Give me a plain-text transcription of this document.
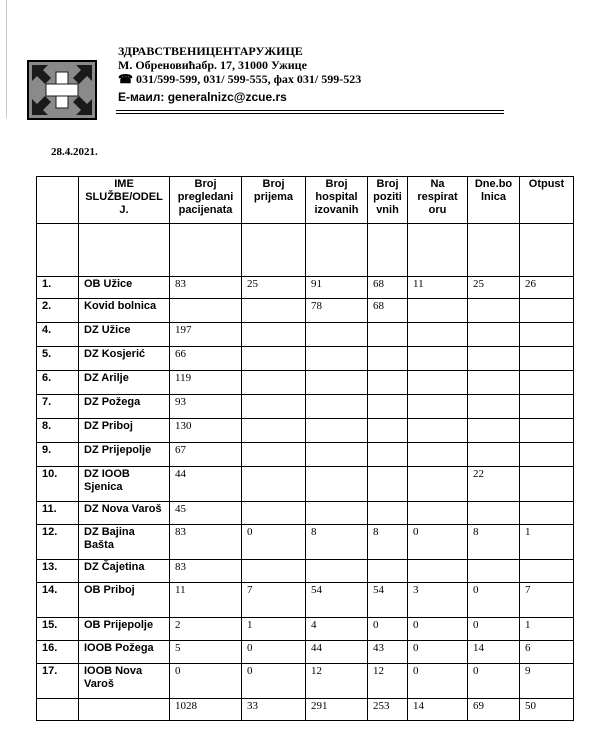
ЗДРАВСТВЕНИЦЕНТАРУЖИЦЕ
М. Обреновићабр. 17, 31000 Ужице
☎ 031/599-599, 031/ 599-555, фах 031/ 599-523
Е-маил: generalnizc@zcue.rs
28.4.2021.
	IME SLUŽBE/ODEL J.	Broj pregledani pacijenata	Broj prijema	Broj hospital izovanih	Broj poziti vnih	Na respirat oru	Dne.bo lnica	Otpust

1.	OB Užice	83	25	91	68	11	25	26
2.	Kovid bolnica			78	68			
4.	DZ Užice	197						
5.	DZ Kosjerić	66						
6.	DZ Arilje	119						
7.	DZ Požega	93						
8.	DZ Priboj	130						
9.	DZ Prijepolje	67						
10.	DZ IOOB Sjenica	44					22	
11.	DZ Nova Varoš	45						
12.	DZ Bajina Bašta	83	0	8	8	0	8	1
13.	DZ Čajetina	83						
14.	OB Priboj	11	7	54	54	3	0	7
15.	OB Prijepolje	2	1	4	0	0	0	1
16.	IOOB Požega	5	0	44	43	0	14	6
17.	IOOB Nova Varoš	0	0	12	12	0	0	9
		1028	33	291	253	14	69	50
